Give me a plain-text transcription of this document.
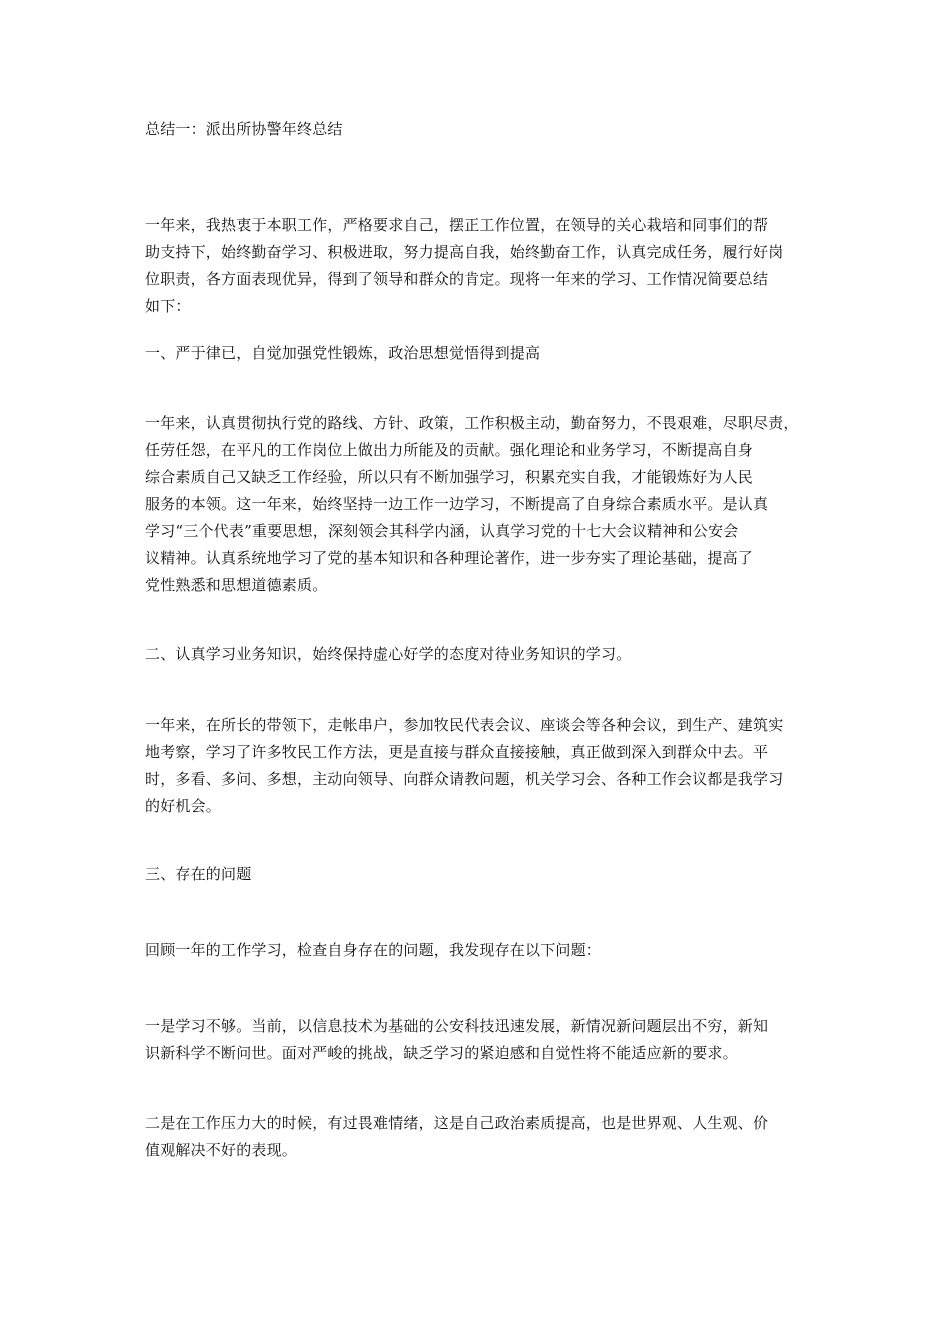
总结一：派出所协警年终总结

一年来，我热衷于本职工作，严格要求自己，摆正工作位置，在领导的关心栽培和同事们的帮

助支持下，始终勤奋学习、积极进取，努力提高自我，始终勤奋工作，认真完成任务，履行好岗

位职责，各方面表现优异，得到了领导和群众的肯定。现将一年来的学习、工作情况简要总结

如下：

一、严于律已，自觉加强党性锻炼，政治思想觉悟得到提高

一年来，认真贯彻执行党的路线、方针、政策，工作积极主动，勤奋努力，不畏艰难，尽职尽责，

任劳任怨，在平凡的工作岗位上做出力所能及的贡献。强化理论和业务学习，不断提高自身

综合素质自己又缺乏工作经验，所以只有不断加强学习，积累充实自我，才能锻炼好为人民

服务的本领。这一年来，始终坚持一边工作一边学习，不断提高了自身综合素质水平。是认真

学习“三个代表”重要思想，深刻领会其科学内涵，认真学习党的十七大会议精神和公安会

议精神。认真系统地学习了党的基本知识和各种理论著作，进一步夯实了理论基础，提高了

党性熟悉和思想道德素质。

二、认真学习业务知识，始终保持虚心好学的态度对待业务知识的学习。

一年来，在所长的带领下，走帐串户，参加牧民代表会议、座谈会等各种会议，到生产、建筑实

地考察，学习了许多牧民工作方法，更是直接与群众直接接触，真正做到深入到群众中去。平

时，多看、多问、多想，主动向领导、向群众请教问题，机关学习会、各种工作会议都是我学习

的好机会。

三、存在的问题

回顾一年的工作学习，检查自身存在的问题，我发现存在以下问题：

一是学习不够。当前，以信息技术为基础的公安科技迅速发展，新情况新问题层出不穷，新知

识新科学不断问世。面对严峻的挑战，缺乏学习的紧迫感和自觉性将不能适应新的要求。

二是在工作压力大的时候，有过畏难情绪，这是自己政治素质提高，也是世界观、人生观、价

值观解决不好的表现。
